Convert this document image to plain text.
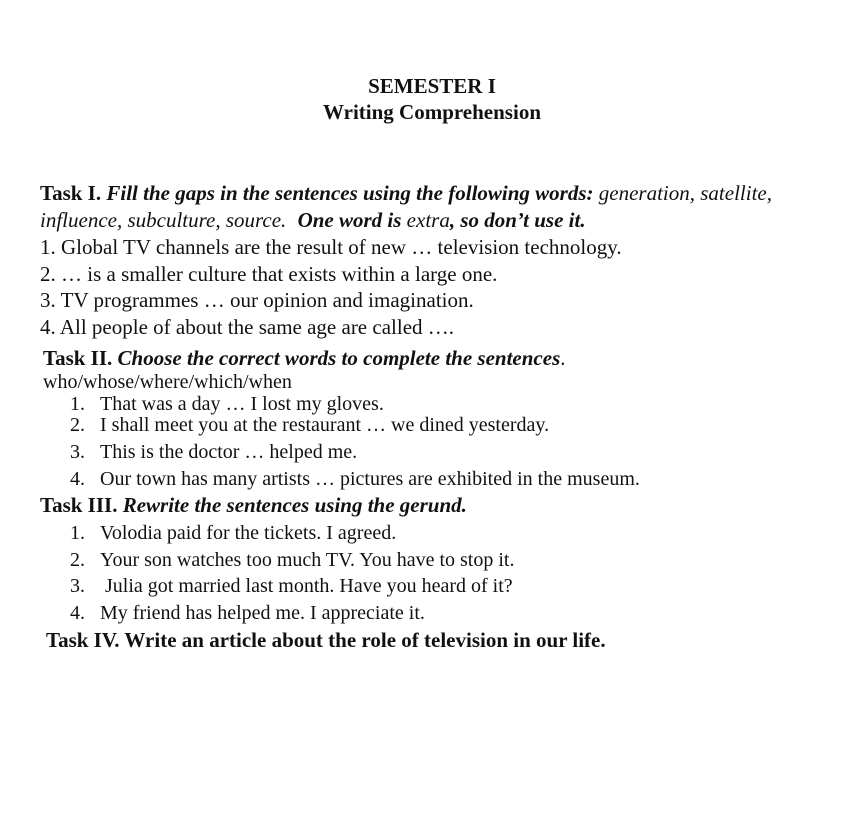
SEMESTER I
Writing Comprehension
Task I. Fill the gaps in the sentences using the following words: generation, satellite,
influence, subculture, source. One word is extra, so don’t use it.
1. Global TV channels are the result of new … television technology.
2. … is a smaller culture that exists within a large one.
3. TV programmes … our opinion and imagination.
4. All people of about the same age are called ….
Task II. Choose the correct words to complete the sentences.
who/whose/where/which/when
1. That was a day … I lost my gloves.
2. I shall meet you at the restaurant … we dined yesterday.
3. This is the doctor … helped me.
4. Our town has many artists … pictures are exhibited in the museum.
Task III. Rewrite the sentences using the gerund.
1. Volodia paid for the tickets. I agreed.
2. Your son watches too much TV. You have to stop it.
3. Julia got married last month. Have you heard of it?
4. My friend has helped me. I appreciate it.
Task IV. Write an article about the role of television in our life.
